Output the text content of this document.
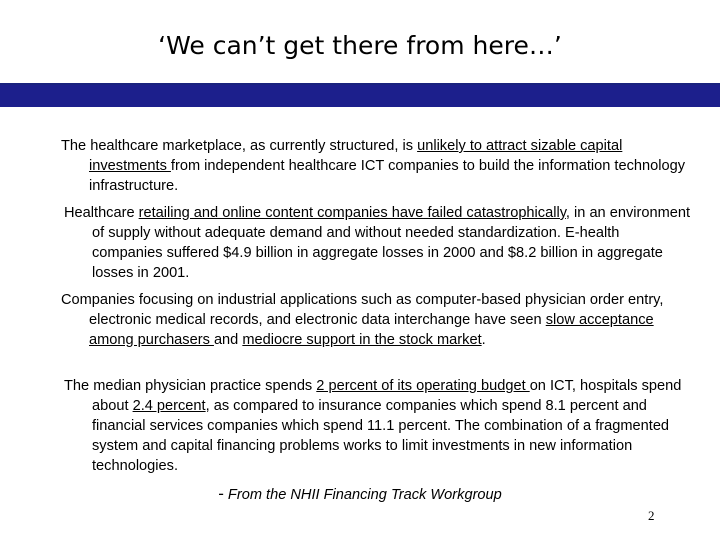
‘We can’t get there from here…’

The healthcare marketplace, as currently structured, is unlikely to attract sizable capital investments from independent healthcare ICT companies to build the information technology infrastructure.

Healthcare retailing and online content companies have failed catastrophically, in an environment of supply without adequate demand and without needed standardization. E-health companies suffered $4.9 billion in aggregate losses in 2000 and $8.2 billion in aggregate losses in 2001.

Companies focusing on industrial applications such as computer-based physician order entry, electronic medical records, and electronic data interchange have seen slow acceptance among purchasers and mediocre support in the stock market.

The median physician practice spends 2 percent of its operating budget on ICT, hospitals spend about 2.4 percent, as compared to insurance companies which spend 8.1 percent and financial services companies which spend 11.1 percent. The combination of a fragmented system and capital financing problems works to limit investments in new information technologies.

- From the NHII Financing Track Workgroup
2
